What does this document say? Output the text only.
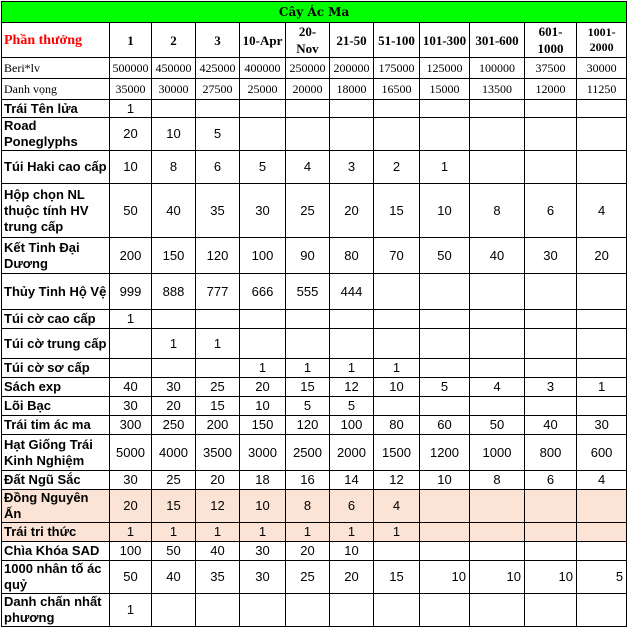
Cây Ác Ma											
Phần thưởng	1	2	3	10-Apr	20-Nov	21-50	51-100	101-300	301-600	601-1000	1001-2000
Beri*lv	500000	450000	425000	400000	250000	200000	175000	125000	100000	37500	30000
Danh vọng	35000	30000	27500	25000	20000	18000	16500	15000	13500	12000	11250
Trái Tên lửa	1										
Road Poneglyphs	20	10	5								
Túi Haki cao cấp	10	8	6	5	4	3	2	1			
Hộp chọn NL thuộc tính HV trung cấp	50	40	35	30	25	20	15	10	8	6	4
Kết Tinh Đại Dương	200	150	120	100	90	80	70	50	40	30	20
Thủy Tinh Hộ Vệ	999	888	777	666	555	444					
Túi cờ cao cấp	1										
Túi cờ trung cấp		1	1								
Túi cờ sơ cấp				1	1	1	1				
Sách exp	40	30	25	20	15	12	10	5	4	3	1
Lõi Bạc	30	20	15	10	5	5					
Trái tim ác ma	300	250	200	150	120	100	80	60	50	40	30
Hạt Giống Trái Kinh Nghiệm	5000	4000	3500	3000	2500	2000	1500	1200	1000	800	600
Đất Ngũ Sắc	30	25	20	18	16	14	12	10	8	6	4
Đồng Nguyên Ấn	20	15	12	10	8	6	4				
Trái tri thức	1	1	1	1	1	1	1				
Chìa Khóa SAD	100	50	40	30	20	10					
1000 nhân tố ác quỷ	50	40	35	30	25	20	15	10	10	10	5
Danh chấn nhất phương	1										
